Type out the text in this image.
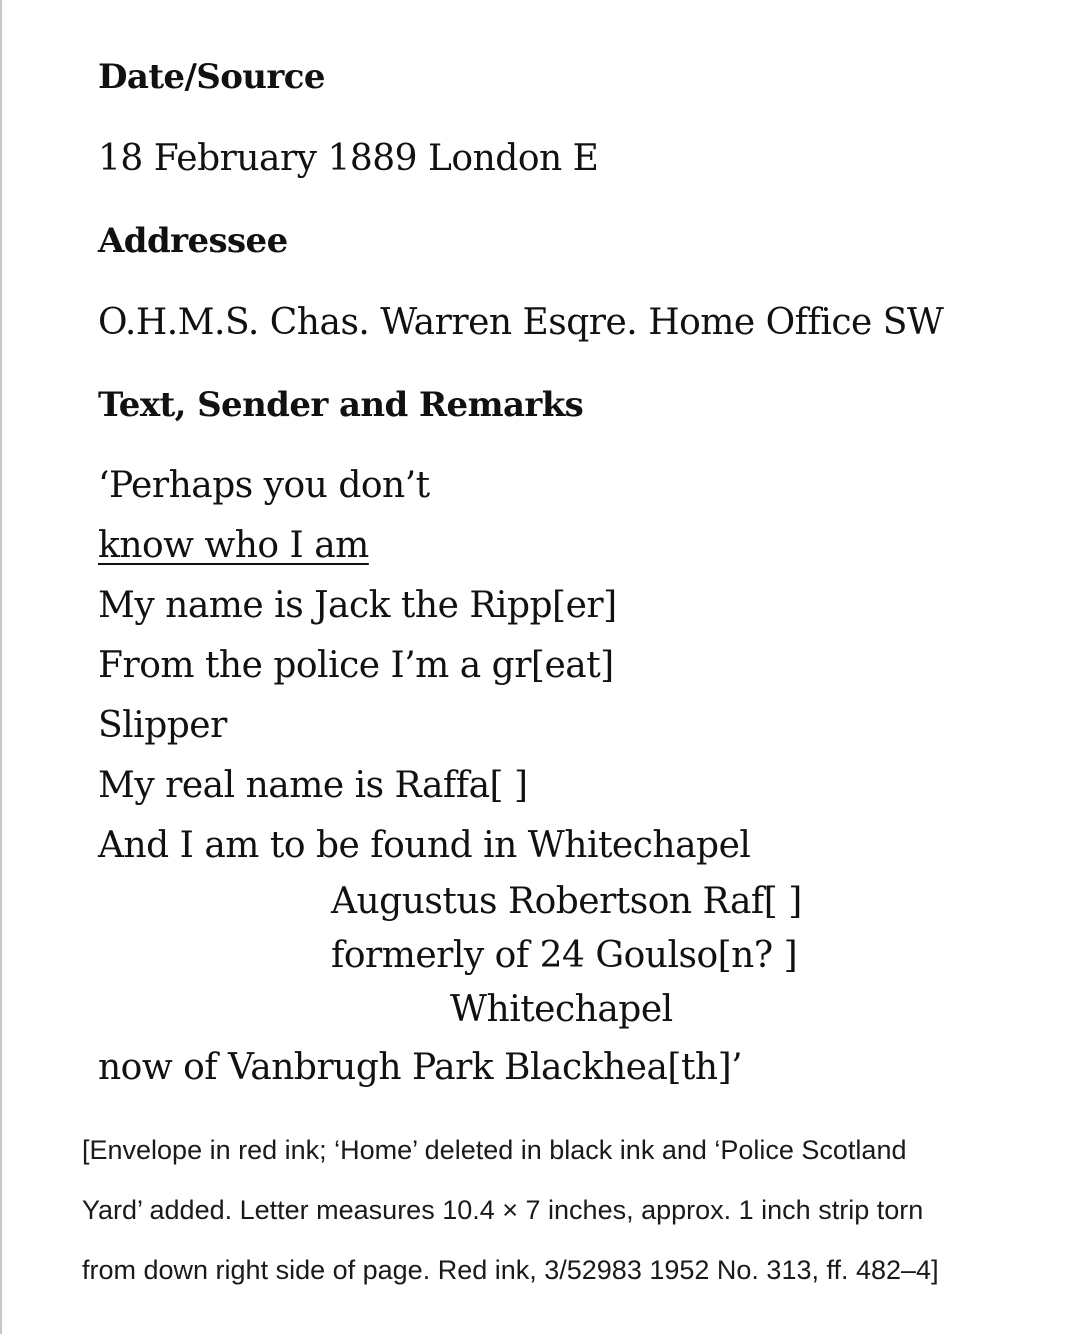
Date/Source
18 February 1889 London E
Addressee
O.H.M.S. Chas. Warren Esqre. Home Office SW
Text, Sender and Remarks
‘Perhaps you don’t
know who I am
My name is Jack the Ripp[er]
From the police I’m a gr[eat]
Slipper
My real name is Raffa[ ]
And I am to be found in Whitechapel
Augustus Robertson Raf[ ]
formerly of 24 Goulso[n? ]
Whitechapel
now of Vanbrugh Park Blackhea[th]’
[Envelope in red ink; ‘Home’ deleted in black ink and ‘Police Scotland
Yard’ added. Letter measures 10.4 × 7 inches, approx. 1 inch strip torn
from down right side of page. Red ink, 3/52983 1952 No. 313, ff. 482–4]
